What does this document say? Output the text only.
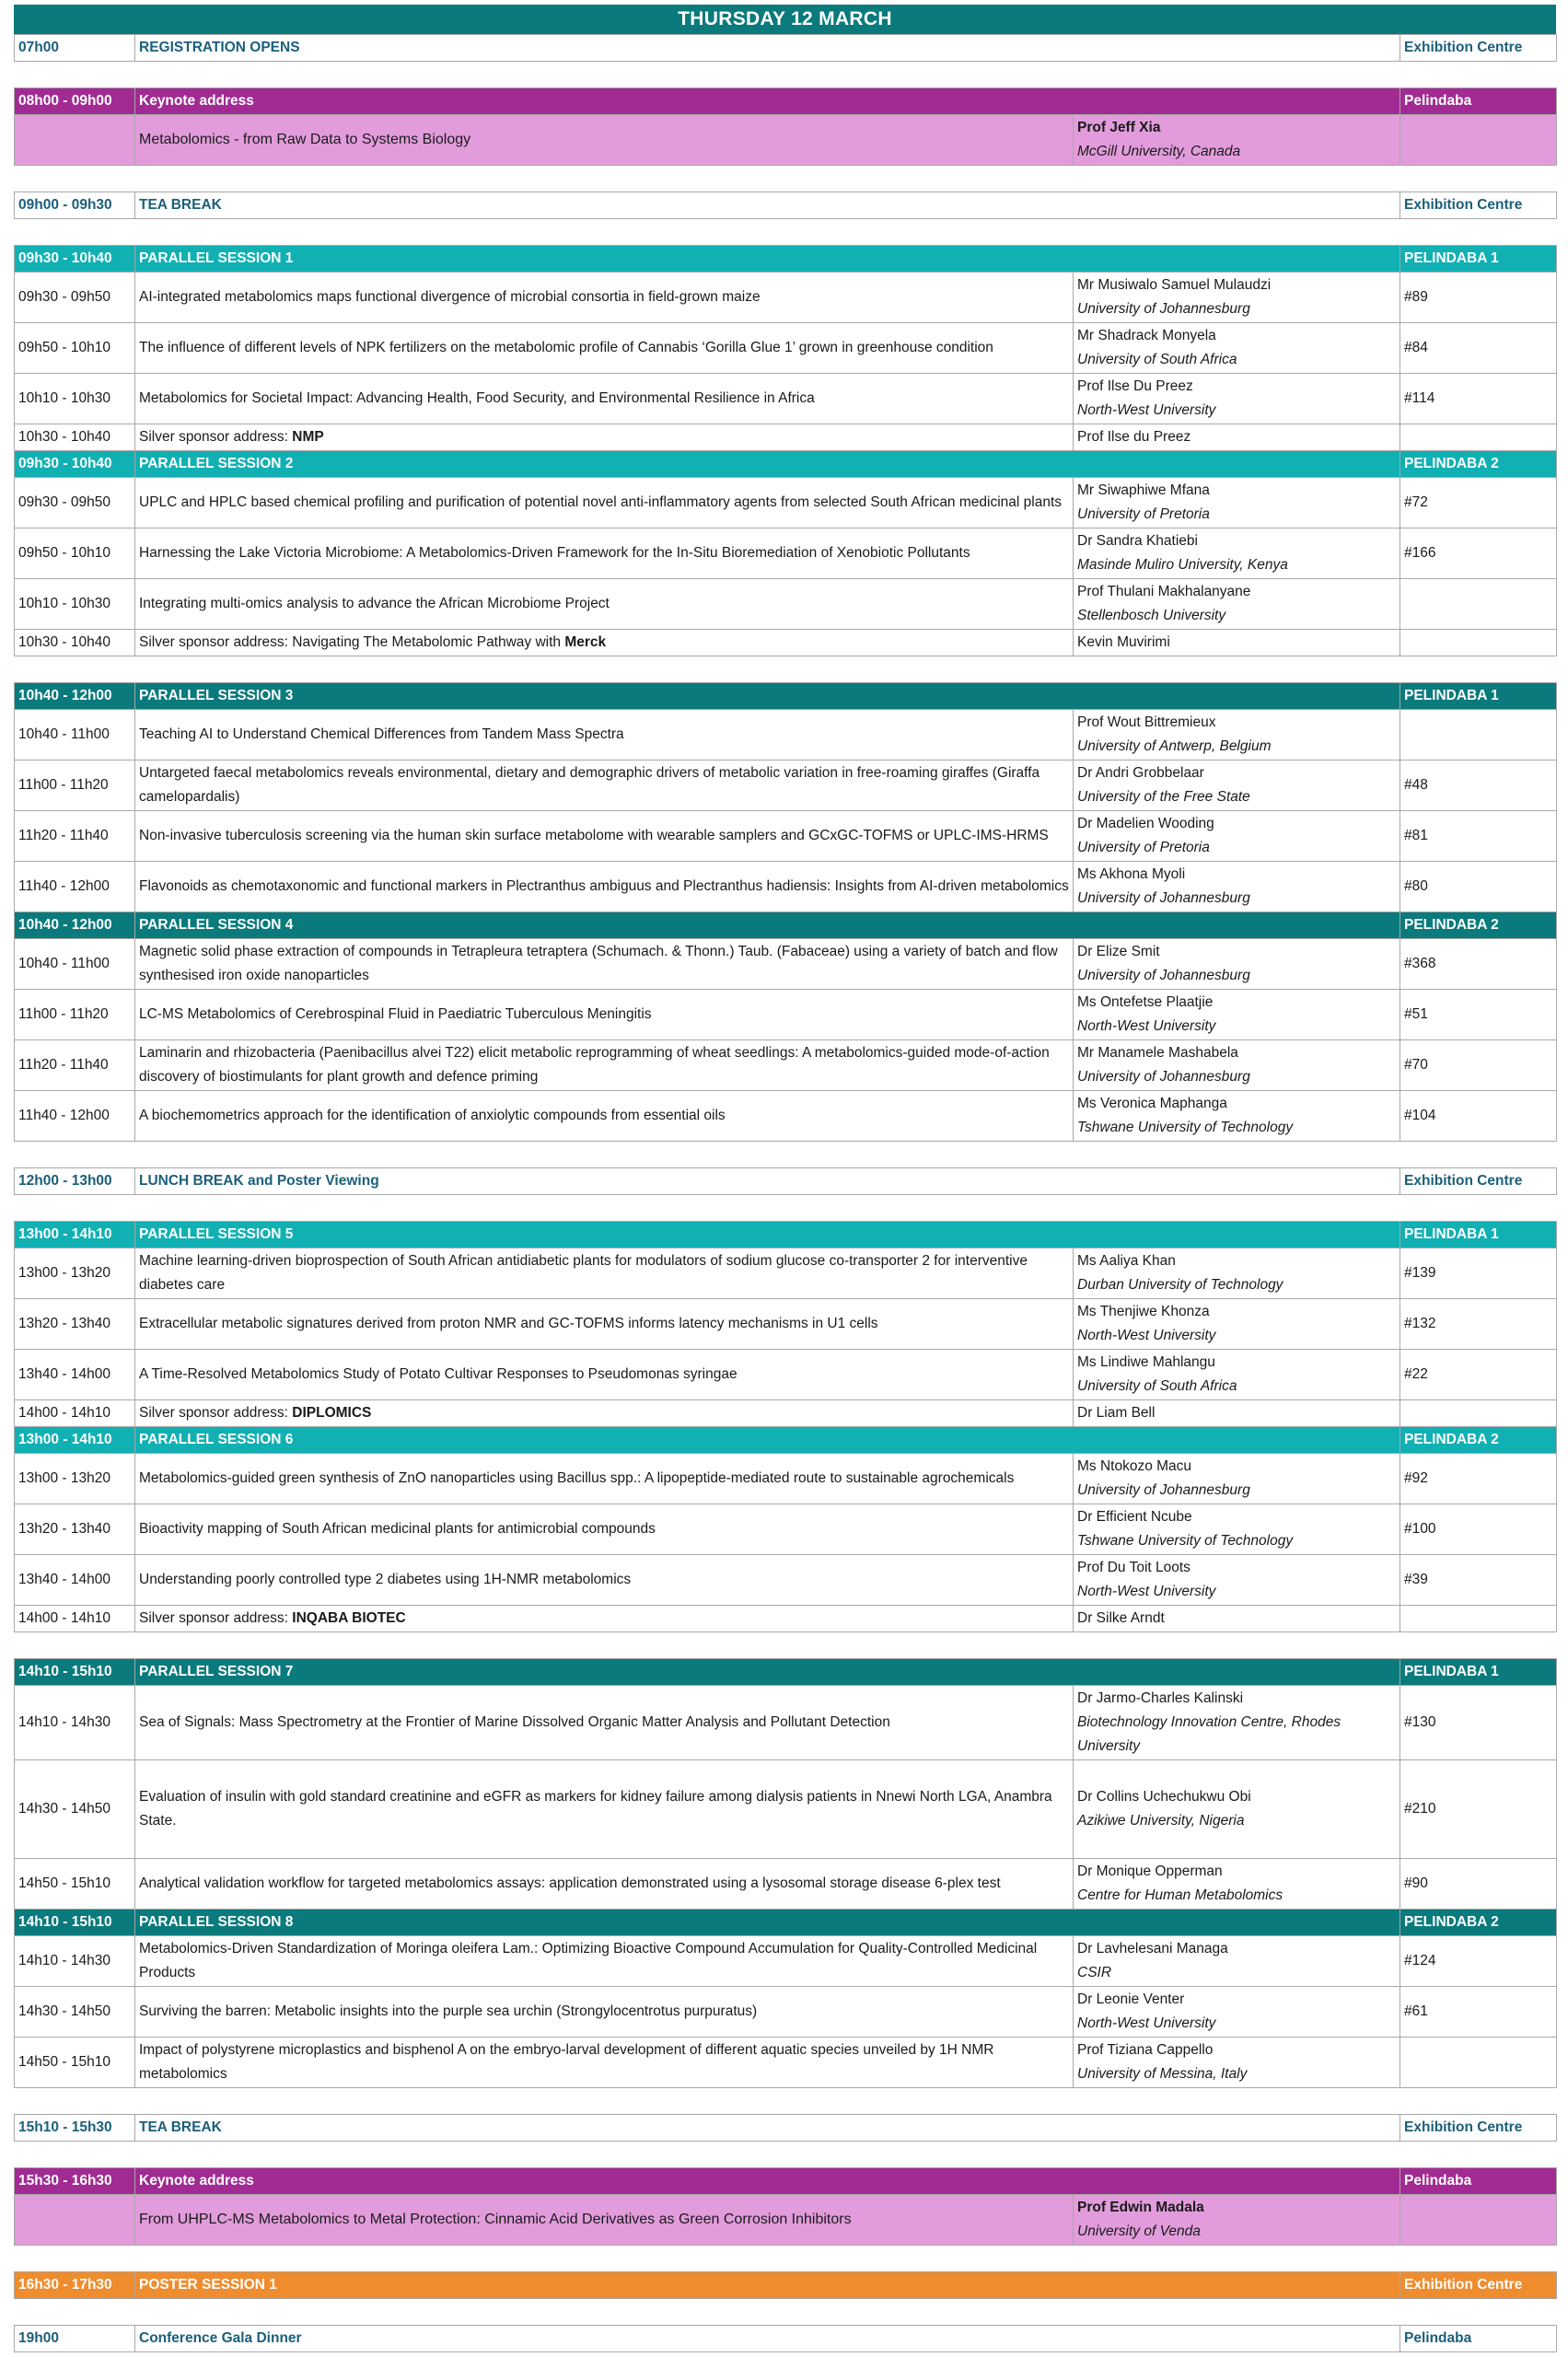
THURSDAY 12 MARCH
07h00	REGISTRATION OPENS	Exhibition Centre
08h00 - 09h00	Keynote address		Pelindaba
	Metabolomics - from Raw Data to Systems Biology	Prof Jeff Xia
McGill University, Canada	

09h00 - 09h30	TEA BREAK	Exhibition Centre
09h30 - 10h40	PARALLEL SESSION 1		PELINDABA 1
09h30 - 09h50	AI-integrated metabolomics maps functional divergence of microbial consortia in field-grown maize	Mr Musiwalo Samuel Mulaudzi
University of Johannesburg	#89
09h50 - 10h10	The influence of different levels of NPK fertilizers on the metabolomic profile of Cannabis ‘Gorilla Glue 1’ grown in greenhouse condition	Mr Shadrack Monyela
University of South Africa	#84
10h10 - 10h30	Metabolomics for Societal Impact: Advancing Health, Food Security, and Environmental Resilience in Africa	Prof Ilse Du Preez
North-West University	#114
10h30 - 10h40	Silver sponsor address: NMP	Prof Ilse du Preez	
09h30 - 10h40	PARALLEL SESSION 2		PELINDABA 2
09h30 - 09h50	UPLC and HPLC based chemical profiling and purification of potential novel anti-inflammatory agents from selected South African medicinal plants	Mr Siwaphiwe Mfana
University of Pretoria	#72
09h50 - 10h10	Harnessing the Lake Victoria Microbiome: A Metabolomics-Driven Framework for the In-Situ Bioremediation of Xenobiotic Pollutants	Dr Sandra Khatiebi
Masinde Muliro University, Kenya	#166
10h10 - 10h30	Integrating multi-omics analysis to advance the African Microbiome Project	Prof Thulani Makhalanyane
Stellenbosch University	

10h30 - 10h40	Silver sponsor address: Navigating The Metabolomic Pathway with Merck	Kevin Muvirimi	
10h40 - 12h00	PARALLEL SESSION 3		PELINDABA 1
10h40 - 11h00	Teaching AI to Understand Chemical Differences from Tandem Mass Spectra	Prof Wout Bittremieux
University of Antwerp, Belgium	

11h00 - 11h20	Untargeted faecal metabolomics reveals environmental, dietary and demographic drivers of metabolic variation in free-roaming giraffes (Giraffa camelopardalis)	Dr Andri Grobbelaar
University of the Free State	#48
11h20 - 11h40	Non-invasive tuberculosis screening via the human skin surface metabolome with wearable samplers and GCxGC-TOFMS or UPLC-IMS-HRMS	Dr Madelien Wooding
University of Pretoria	#81
11h40 - 12h00	Flavonoids as chemotaxonomic and functional markers in Plectranthus ambiguus and Plectranthus hadiensis: Insights from AI-driven metabolomics	Ms Akhona Myoli
University of Johannesburg	#80
10h40 - 12h00	PARALLEL SESSION 4		PELINDABA 2
10h40 - 11h00	Magnetic solid phase extraction of compounds in Tetrapleura tetraptera (Schumach. & Thonn.) Taub. (Fabaceae) using a variety of batch and flow synthesised iron oxide nanoparticles	Dr Elize Smit
University of Johannesburg	#368
11h00 - 11h20	LC-MS Metabolomics of Cerebrospinal Fluid in Paediatric Tuberculous Meningitis	Ms Ontefetse Plaatjie
North-West University	#51
11h20 - 11h40	Laminarin and rhizobacteria (Paenibacillus alvei T22) elicit metabolic reprogramming of wheat seedlings: A metabolomics-guided mode-of-action discovery of biostimulants for plant growth and defence priming	Mr Manamele Mashabela
University of Johannesburg	#70
11h40 - 12h00	A biochemometrics approach for the identification of anxiolytic compounds from essential oils	Ms Veronica Maphanga
Tshwane University of Technology	#104
12h00 - 13h00	LUNCH BREAK and Poster Viewing	Exhibition Centre
13h00 - 14h10	PARALLEL SESSION 5		PELINDABA 1
13h00 - 13h20	Machine learning-driven bioprospection of South African antidiabetic plants for modulators of sodium glucose co-transporter 2 for interventive diabetes care	Ms Aaliya Khan
Durban University of Technology	#139
13h20 - 13h40	Extracellular metabolic signatures derived from proton NMR and GC-TOFMS informs latency mechanisms in U1 cells	Ms Thenjiwe Khonza
North-West University	#132
13h40 - 14h00	A Time-Resolved Metabolomics Study of Potato Cultivar Responses to Pseudomonas syringae	Ms Lindiwe Mahlangu
University of South Africa	#22
14h00 - 14h10	Silver sponsor address: DIPLOMICS	Dr Liam Bell	
13h00 - 14h10	PARALLEL SESSION 6		PELINDABA 2
13h00 - 13h20	Metabolomics-guided green synthesis of ZnO nanoparticles using Bacillus spp.: A lipopeptide-mediated route to sustainable agrochemicals	Ms Ntokozo Macu
University of Johannesburg	#92
13h20 - 13h40	Bioactivity mapping of South African medicinal plants for antimicrobial compounds	Dr Efficient Ncube
Tshwane University of Technology	#100
13h40 - 14h00	Understanding poorly controlled type 2 diabetes using 1H-NMR metabolomics	Prof Du Toit Loots
North-West University	#39
14h00 - 14h10	Silver sponsor address: INQABA BIOTEC	Dr Silke Arndt	
14h10 - 15h10	PARALLEL SESSION 7		PELINDABA 1
14h10 - 14h30	Sea of Signals: Mass Spectrometry at the Frontier of Marine Dissolved Organic Matter Analysis and Pollutant Detection	Dr Jarmo-Charles Kalinski
Biotechnology Innovation Centre, Rhodes University	#130
14h30 - 14h50	Evaluation of insulin with gold standard creatinine and eGFR as markers for kidney failure among dialysis patients in Nnewi North LGA, Anambra State.	Dr Collins Uchechukwu Obi
Azikiwe University, Nigeria	#210
14h50 - 15h10	Analytical validation workflow for targeted metabolomics assays: application demonstrated using a lysosomal storage disease 6-plex test	Dr Monique Opperman
Centre for Human Metabolomics	#90
14h10 - 15h10	PARALLEL SESSION 8		PELINDABA 2
14h10 - 14h30	Metabolomics-Driven Standardization of Moringa oleifera Lam.: Optimizing Bioactive Compound Accumulation for Quality-Controlled Medicinal Products	Dr Lavhelesani Managa
CSIR	#124
14h30 - 14h50	Surviving the barren: Metabolic insights into the purple sea urchin (Strongylocentrotus purpuratus)	Dr Leonie Venter
North-West University	#61
14h50 - 15h10	Impact of polystyrene microplastics and bisphenol A on the embryo-larval development of different aquatic species unveiled by 1H NMR metabolomics	Prof Tiziana Cappello
University of Messina, Italy	

15h10 - 15h30	TEA BREAK	Exhibition Centre
15h30 - 16h30	Keynote address		Pelindaba
	From UHPLC-MS Metabolomics to Metal Protection: Cinnamic Acid Derivatives as Green Corrosion Inhibitors	Prof Edwin Madala
University of Venda	

16h30 - 17h30	POSTER SESSION 1	Exhibition Centre
19h00	Conference Gala Dinner	Pelindaba
